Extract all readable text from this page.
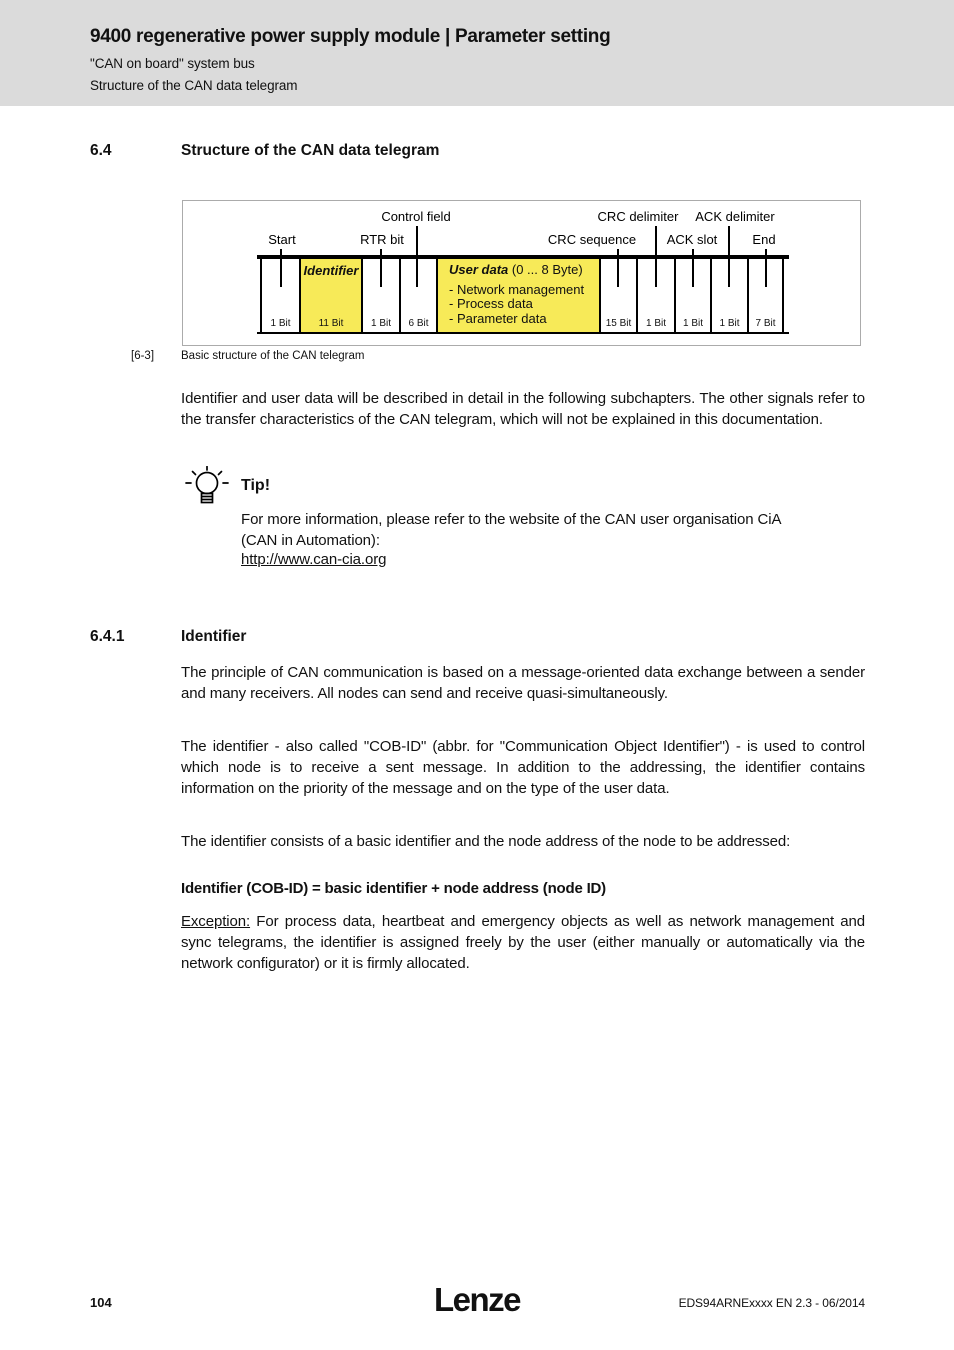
9400 regenerative power supply module | Parameter setting
"CAN on board" system bus
Structure of the CAN data telegram
6.4	Structure of the CAN data telegram
Control field	CRC delimiter ACK delimiter
Start	RTR bit	CRC sequence ACK slot	End
1 Bit
Identifier
11 Bit	1 Bit	6 Bit
User data (0 ... 8 Byte)
- Network management
- Process data
- Parameter data	15 Bit	1 Bit	1 Bit	1 Bit	7 Bit
[6-3] Basic structure of the CAN telegram
Identifier and user data will be described in detail in the following subchapters. The other signals refer to the transfer characteristics of the CAN telegram, which will not be explained in this documentation.
Tip!
For more information, please refer to the website of the CAN user organisation CiA
(CAN in Automation):
http://www.can-cia.org
6.4.1	Identifier
The principle of CAN communication is based on a message-oriented data exchange between a sender and many receivers. All nodes can send and receive quasi-simultaneously.
The identifier - also called "COB-ID" (abbr. for "Communication Object Identifier") - is used to control which node is to receive a sent message. In addition to the addressing, the identifier contains information on the priority of the message and on the type of the user data.
The identifier consists of a basic identifier and the node address of the node to be addressed:
Identifier (COB-ID) = basic identifier + node address (node ID)
Exception: For process data, heartbeat and emergency objects as well as network management and sync telegrams, the identifier is assigned freely by the user (either manually or automatically via the network configurator) or it is firmly allocated.
104	Lenze	EDS94ARNExxxx EN 2.3 - 06/2014
